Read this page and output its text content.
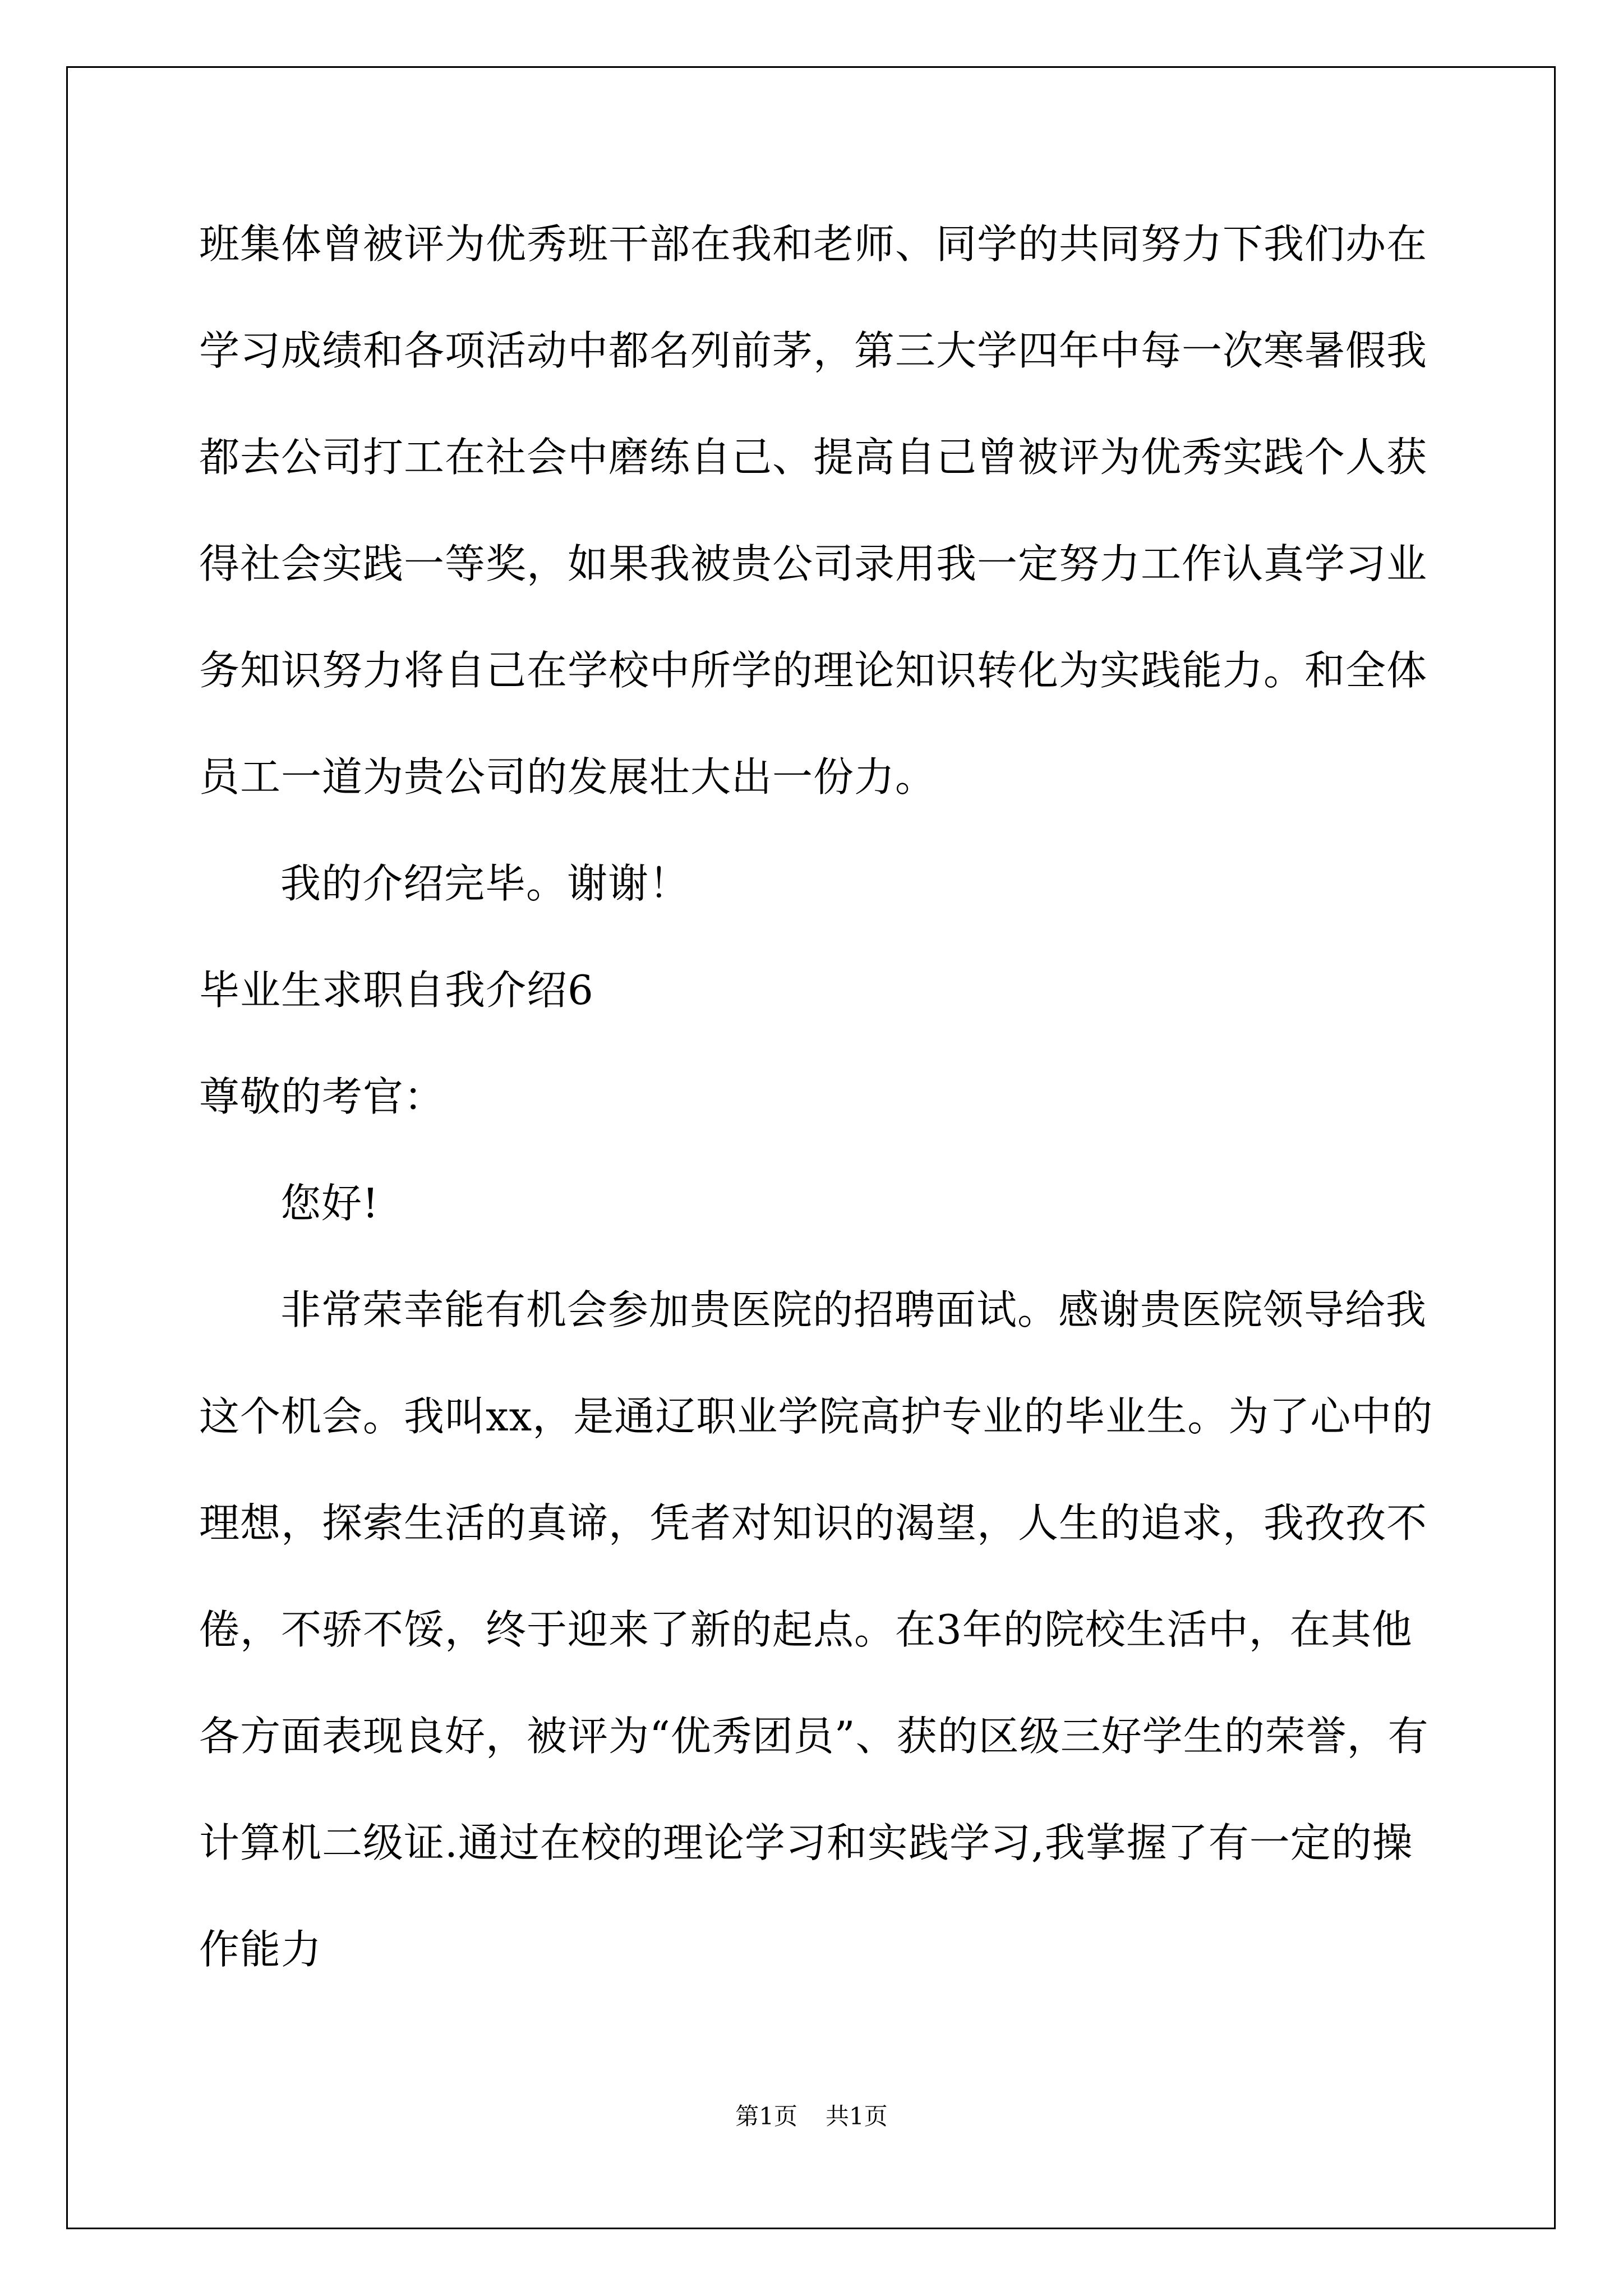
班集体曾被评为优秀班干部在我和老师、同学的共同努力下我们办在
学习成绩和各项活动中都名列前茅，第三大学四年中每一次寒暑假我
都去公司打工在社会中磨练自己、提高自己曾被评为优秀实践个人获
得社会实践一等奖，如果我被贵公司录用我一定努力工作认真学习业
务知识努力将自己在学校中所学的理论知识转化为实践能力。和全体
员工一道为贵公司的发展壮大出一份力。
我的介绍完毕。谢谢！
毕业生求职自我介绍6
尊敬的考官：
您好!
非常荣幸能有机会参加贵医院的招聘面试。感谢贵医院领导给我
这个机会。我叫xx，是通辽职业学院高护专业的毕业生。为了心中的
理想，探索生活的真谛，凭者对知识的渴望，人生的追求，我孜孜不
倦，不骄不馁，终于迎来了新的起点。在3年的院校生活中，在其他
各方面表现良好，被评为“优秀团员”、获的区级三好学生的荣誉，有
计算机二级证.通过在校的理论学习和实践学习,我掌握了有一定的操
作能力
第1页 共1页
